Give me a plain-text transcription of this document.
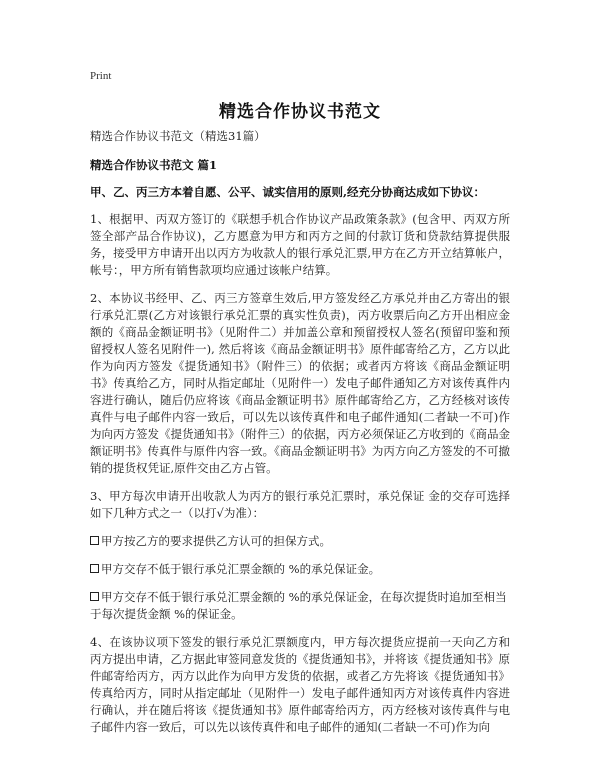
Print
精选合作协议书范文

精选合作协议书范文（精选31篇）

精选合作协议书范文 篇1

甲、乙、丙三方本着自愿、公平、诚实信用的原则,经充分协商达成如下协议：

1、根据甲、丙双方签订的《联想手机合作协议产品政策条款》(包含甲、丙双方所签全部产品合作协议)，乙方愿意为甲方和丙方之间的付款订货和贷款结算提供服务，接受甲方申请开出以丙方为收款人的银行承兑汇票,甲方在乙方开立结算帐户，帐号：，甲方所有销售款项均应通过该帐户结算。

2、本协议书经甲、乙、丙三方签章生效后,甲方签发经乙方承兑并由乙方寄出的银行承兑汇票(乙方对该银行承兑汇票的真实性负责)，丙方收票后向乙方开出相应金额的《商品金额证明书》（见附件二）并加盖公章和预留授权人签名(预留印鉴和预留授权人签名见附件一), 然后将该《商品金额证明书》原件邮寄给乙方，乙方以此作为向丙方签发《提货通知书》（附件三）的依据；或者丙方将该《商品金额证明书》传真给乙方，同时从指定邮址（见附件一）发电子邮件通知乙方对该传真件内容进行确认，随后仍应将该《商品金额证明书》原件邮寄给乙方，乙方经核对该传真件与电子邮件内容一致后，可以先以该传真件和电子邮件通知(二者缺一不可)作为向丙方签发《提货通知书》（附件三）的依据，丙方必须保证乙方收到的《商品金额证明书》传真件与原件内容一致。《商品金额证明书》为丙方向乙方签发的不可撤销的提货权凭证,原件交由乙方占管。

3、甲方每次申请开出收款人为丙方的银行承兑汇票时，承兑保证 金的交存可选择如下几种方式之一（以打√为准）：

甲方按乙方的要求提供乙方认可的担保方式。

甲方交存不低于银行承兑汇票金额的 %的承兑保证金。

甲方交存不低于银行承兑汇票金额的 %的承兑保证金，在每次提货时追加至相当于每次提货金额 %的保证金。

4、在该协议项下签发的银行承兑汇票额度内，甲方每次提货应提前一天向乙方和丙方提出申请，乙方据此审签同意发货的《提货通知书》，并将该《提货通知书》原件邮寄给丙方，丙方以此作为向甲方发货的依据，或者乙方先将该《提货通知书》传真给丙方，同时从指定邮址（见附件一）发电子邮件通知丙方对该传真件内容进行确认，并在随后将该《提货通知书》原件邮寄给丙方，丙方经核对该传真件与电子邮件内容一致后，可以先以该传真件和电子邮件的通知(二者缺一不可)作为向
